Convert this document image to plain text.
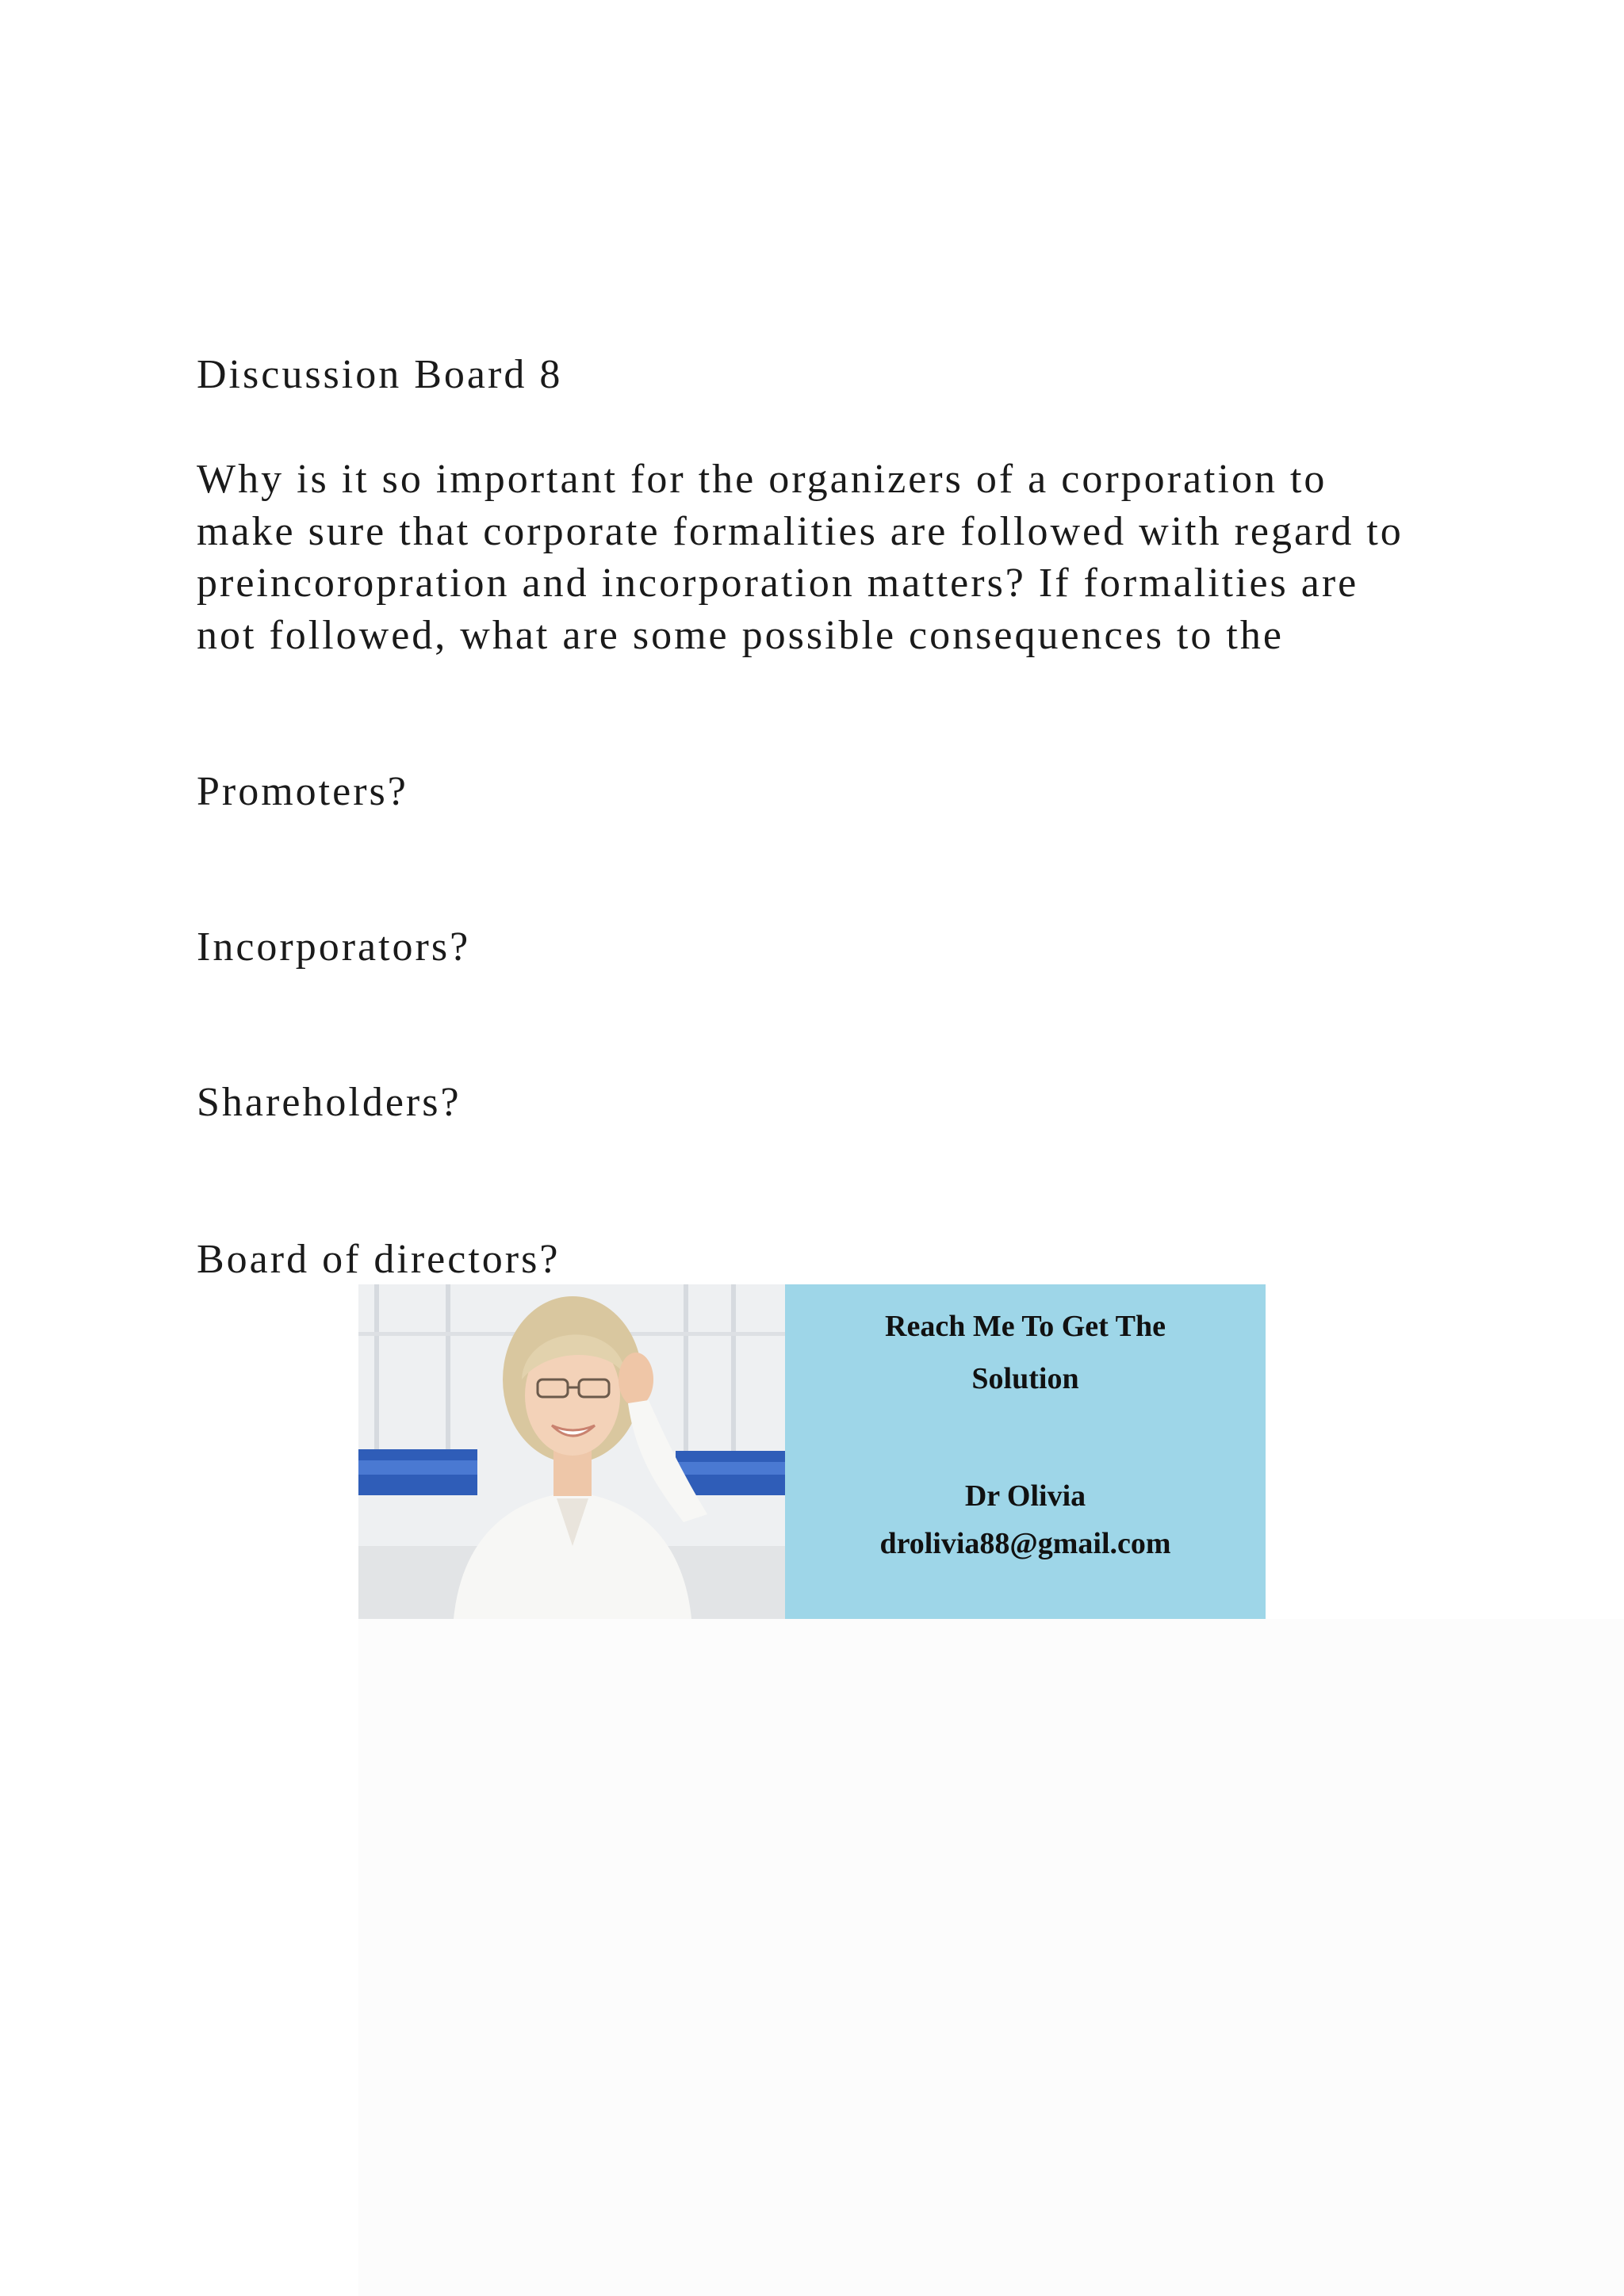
Discussion Board 8

Why is it so important for the organizers of a corporation to
make sure that corporate formalities are followed with regard to
preincoropration and incorporation matters? If formalities are
not followed, what are some possible consequences to the

Promoters?

Incorporators?

Shareholders?

Board of directors?

Reach Me To Get The
Solution
Dr Olivia
drolivia88@gmail.com
